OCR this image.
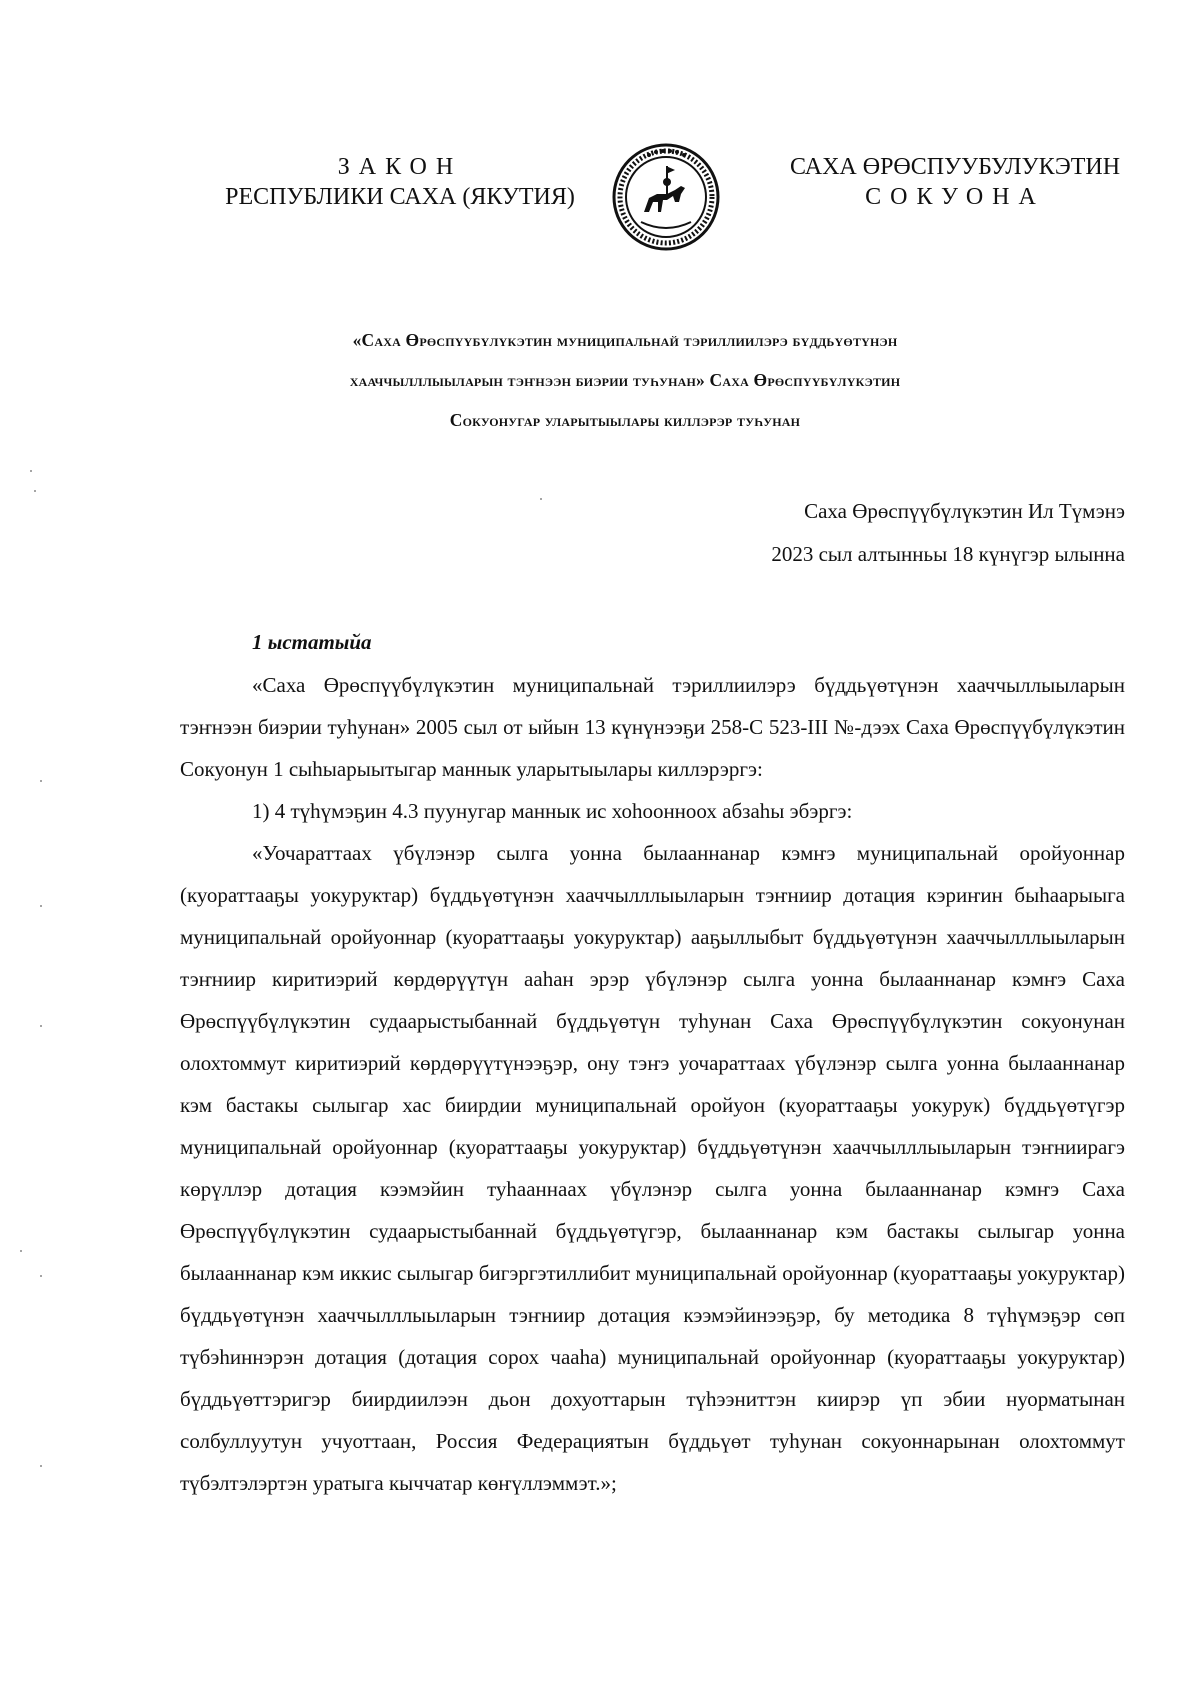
ЗАКОН
РЕСПУБЛИКИ САХА (ЯКУТИЯ)
САХА ӨРӨСПУУБУЛУКЭТИН
СОКУОНА
«Саха Өрөспүүбүлүкэтин муниципальнай тэриллиилэрэ бүддьүөтүнэн
хааччылллыыларын тэҥнээн биэрии туһунан» Саха Өрөспүүбүлүкэтин
Сокуонугар уларытыылары киллэрэр туһунан
Саха Өрөспүүбүлүкэтин Ил Түмэнэ
2023 сыл алтынньы 18 күнүгэр ылынна
1 ыстатыйа

«Саха Өрөспүүбүлүкэтин муниципальнай тэриллиилэрэ бүддьүөтүнэн хааччыллыыларын тэҥнээн биэрии туһунан» 2005 сыл от ыйын 13 күнүнээҕи 258-С 523-III №-дээх Саха Өрөспүүбүлүкэтин Сокуонун 1 сыһыарыытыгар маннык уларытыылары киллэрэргэ:

1) 4 түһүмэҕин 4.3 пуунугар маннык ис хоһоонноох абзаһы эбэргэ:

«Уочараттаах үбүлэнэр сылга уонна былааннанар кэмҥэ муниципальнай оройуоннар (куораттааҕы уокуруктар) бүддьүөтүнэн хааччылллыыларын тэҥниир дотация кэриҥин быһаарыыга муниципальнай оройуоннар (куораттааҕы уокуруктар) ааҕыллыбыт бүддьүөтүнэн хааччылллыыларын тэҥниир киритиэрий көрдөрүүтүн ааһан эрэр үбүлэнэр сылга уонна былааннанар кэмҥэ Саха Өрөспүүбүлүкэтин судаарыстыбаннай бүддьүөтүн туһунан Саха Өрөспүүбүлүкэтин сокуонунан олохтоммут киритиэрий көрдөрүүтүнээҕэр, ону тэҥэ уочараттаах үбүлэнэр сылга уонна былааннанар кэм бастакы сылыгар хас биирдии муниципальнай оройуон (куораттааҕы уокурук) бүддьүөтүгэр муниципальнай оройуоннар (куораттааҕы уокуруктар) бүддьүөтүнэн хааччылллыыларын тэҥниирагэ көрүллэр дотация кээмэйин туһааннаах үбүлэнэр сылга уонна былааннанар кэмҥэ Саха Өрөспүүбүлүкэтин судаарыстыбаннай бүддьүөтүгэр, былааннанар кэм бастакы сылыгар уонна былааннанар кэм иккис сылыгар бигэргэтиллибит муниципальнай оройуоннар (куораттааҕы уокуруктар) бүддьүөтүнэн хааччылллыыларын тэҥниир дотация кээмэйинээҕэр, бу методика 8 түһүмэҕэр сөп түбэһиннэрэн дотация (дотация сорох чааһа) муниципальнай оройуоннар (куораттааҕы уокуруктар) бүддьүөттэригэр биирдиилээн дьон дохуоттарын түһээниттэн киирэр үп эбии нуорматынан солбуллуутун учуоттаан, Россия Федерациятын бүддьүөт туһунан сокуоннарынан олохтоммут түбэлтэлэртэн уратыга кыччатар көҥүллэммэт.»;
